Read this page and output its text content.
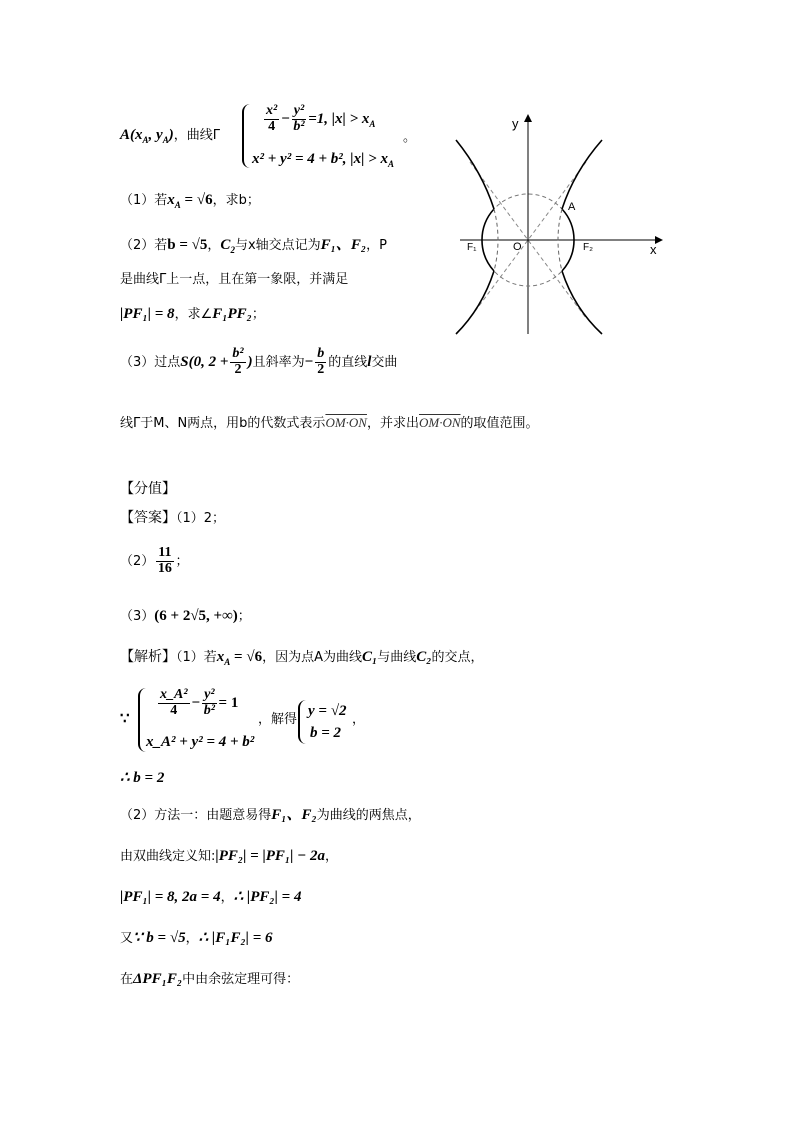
$A(x_A$, $y_A$)，曲线Γ
$\frac{\text{x²}}{4} - \frac{\text{y²}}{\text{b²}} =1$, $|x| > x_A$
x² + y² = 4 + b², $|x| > x_A$
。
（1）若$x_A = √6$，求b；
（2）若b = √5，$C_2$与x轴交点记为F₁、F₂，P
是曲线Γ上一点，且在第一象限，并满足
|PF₁| = 8，求∠F₁PF₂；
（3）过点S(0, $2 + \frac{\text{b²}}{2}$ )且斜率为− $\frac{b}{2}$ 的直线l交曲
线Γ于M、N两点，用b的代数式表示OM·ON，并求出OM·ON的取值范围。
y
x
A
O
F₁	F₂
【分值】
【答案】（1）2；
$(2) \frac{11}{16}$ ；
（3）(6 + 2√5, +∞)；
【解析】（1）若$x_A = √6$，因为点A为曲线C₁与曲线C₂的交点，
∵
$\frac{\text{x\_A²}}{4} - \frac{\text{y²}}{\text{b²}} = 1$
x_A² + y² = 4 + b²
，解得
y = √2
b = 2
，
∴ b = 2
（2）方法一：由题意易得F₁、F₂为曲线的两焦点，
由双曲线定义知:|PF₂| = |PF₁| − 2a，
|PF₁| = 8, 2a = 4，∴ |PF₂| = 4
又∵ b = √5，∴ |F₁F₂| = 6
在ΔPF₁F₂中由余弦定理可得：
